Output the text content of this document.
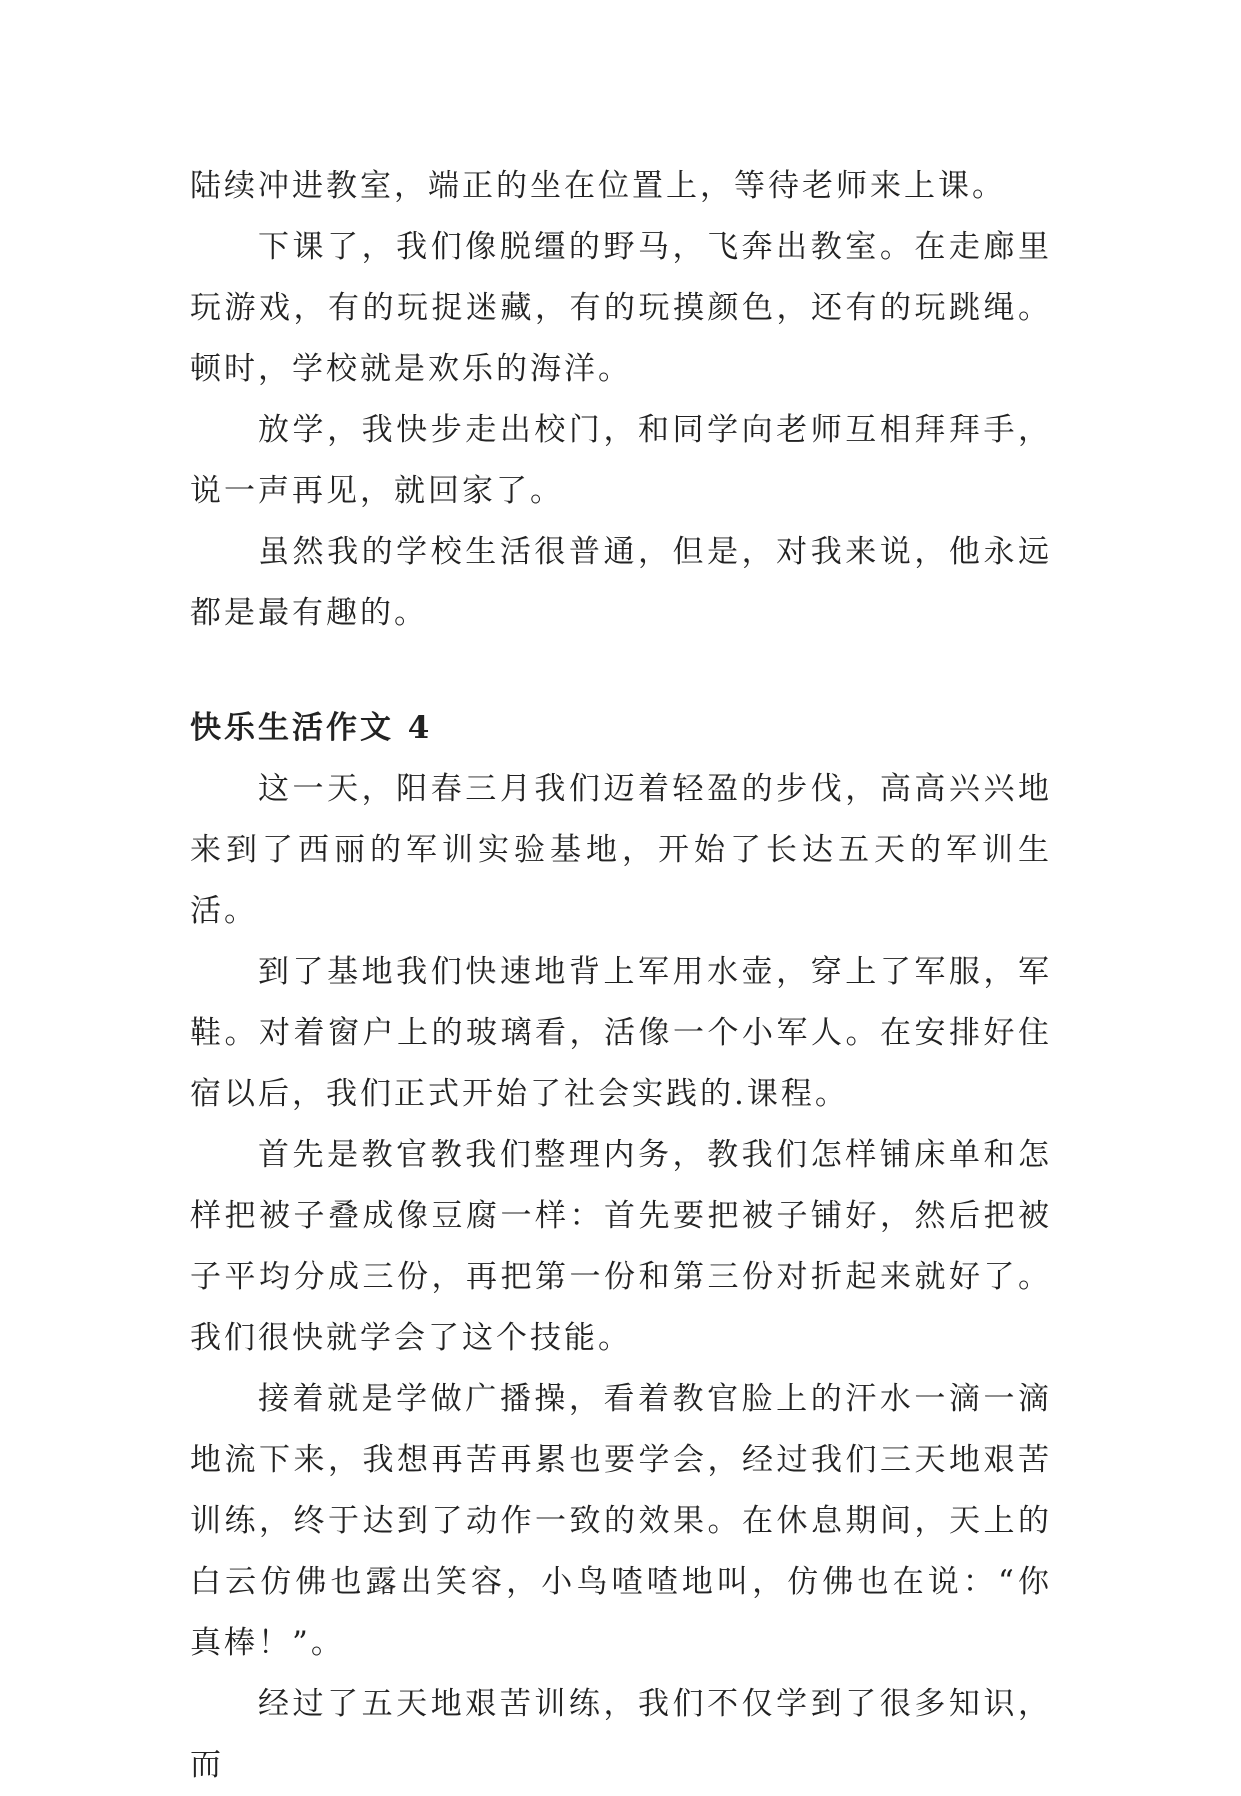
陆续冲进教室，端正的坐在位置上，等待老师来上课。

下课了，我们像脱缰的野马，飞奔出教室。在走廊里玩游戏，有的玩捉迷藏，有的玩摸颜色，还有的玩跳绳。顿时，学校就是欢乐的海洋。

放学，我快步走出校门，和同学向老师互相拜拜手，说一声再见，就回家了。

虽然我的学校生活很普通，但是，对我来说，他永远都是最有趣的。

快乐生活作文 4

这一天，阳春三月我们迈着轻盈的步伐，高高兴兴地来到了西丽的军训实验基地，开始了长达五天的军训生活。

到了基地我们快速地背上军用水壶，穿上了军服，军鞋。对着窗户上的玻璃看，活像一个小军人。在安排好住宿以后，我们正式开始了社会实践的.课程。

首先是教官教我们整理内务，教我们怎样铺床单和怎样把被子叠成像豆腐一样：首先要把被子铺好，然后把被子平均分成三份，再把第一份和第三份对折起来就好了。我们很快就学会了这个技能。

接着就是学做广播操，看着教官脸上的汗水一滴一滴地流下来，我想再苦再累也要学会，经过我们三天地艰苦训练，终于达到了动作一致的效果。在休息期间，天上的白云仿佛也露出笑容，小鸟喳喳地叫，仿佛也在说：“你真棒！”。

经过了五天地艰苦训练，我们不仅学到了很多知识，而
